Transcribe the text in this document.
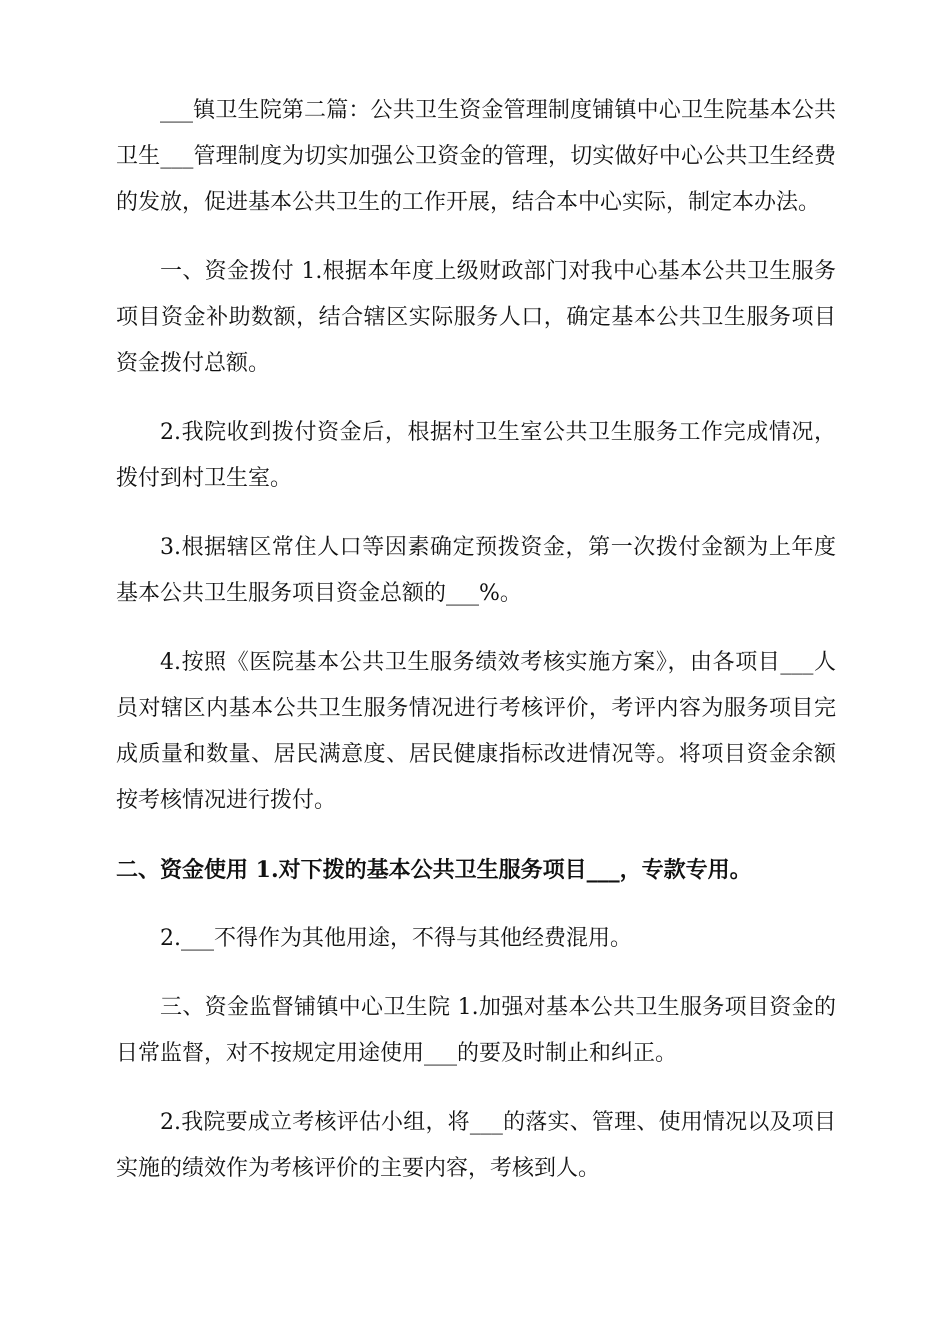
___镇卫生院第二篇：公共卫生资金管理制度铺镇中心卫生院基本公共卫生___管理制度为切实加强公卫资金的管理，切实做好中心公共卫生经费的发放，促进基本公共卫生的工作开展，结合本中心实际，制定本办法。

一、资金拨付 1.根据本年度上级财政部门对我中心基本公共卫生服务项目资金补助数额，结合辖区实际服务人口，确定基本公共卫生服务项目资金拨付总额。

2.我院收到拨付资金后，根据村卫生室公共卫生服务工作完成情况，拨付到村卫生室。

3.根据辖区常住人口等因素确定预拨资金，第一次拨付金额为上年度基本公共卫生服务项目资金总额的___%。

4.按照《医院基本公共卫生服务绩效考核实施方案》，由各项目___人员对辖区内基本公共卫生服务情况进行考核评价，考评内容为服务项目完成质量和数量、居民满意度、居民健康指标改进情况等。将项目资金余额按考核情况进行拨付。

二、资金使用 1.对下拨的基本公共卫生服务项目___，专款专用。

2.___不得作为其他用途，不得与其他经费混用。

三、资金监督铺镇中心卫生院 1.加强对基本公共卫生服务项目资金的日常监督，对不按规定用途使用___的要及时制止和纠正。

2.我院要成立考核评估小组，将___的落实、管理、使用情况以及项目实施的绩效作为考核评价的主要内容，考核到人。
